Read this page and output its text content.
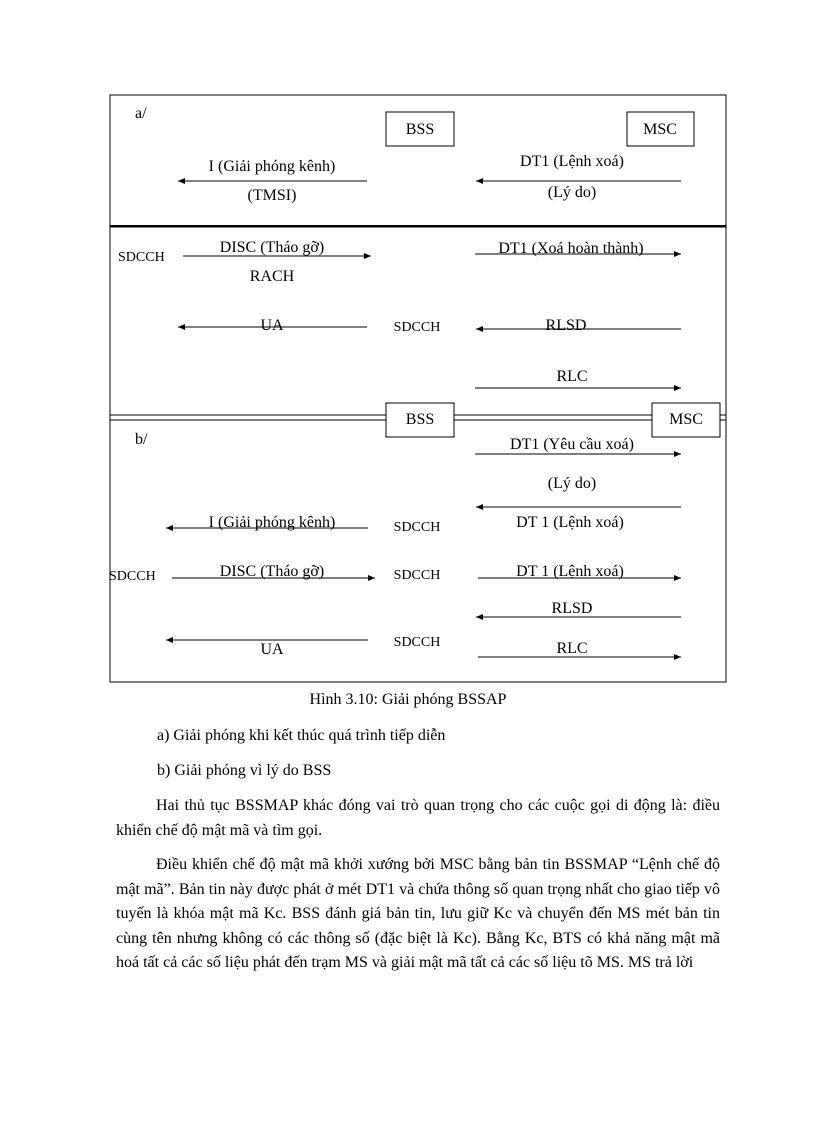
a/
BSS	MSC
I (Giải phóng kênh)
(TMSI)
DT1 (Lệnh xoá)
(Lý do)
SDCCH
DISC (Tháo gỡ)
RACH
DT1 (Xoá hoàn thành)
UA	SDCCH	RLSD
RLC
BSS	MSC
b/	DT1 (Yêu cầu xoá)
(Lý do)
I (Giải phóng kênh)	SDCCH	DT 1 (Lệnh xoá)
SDCCH	DISC (Tháo gỡ)	SDCCH	DT 1 (Lệnh xoá)
RLSD
SDCCH
UA	RLC
Hình 3.10: Giải phóng BSSAP
a) Giải phóng khi kết thúc quá trình tiếp diễn
b) Giải phóng vì lý do BSS

Hai thủ tục BSSMAP khác đóng vai trò quan trọng cho các cuộc gọi di động là: điều khiển chế độ mật mã và tìm gọi.

Điều khiển chế độ mật mã khởi xướng bởi MSC bằng bản tin BSSMAP “Lệnh chế độ mật mã”. Bản tin này được phát ở mét DT1 và chứa thông số quan trọng nhất cho giao tiếp vô tuyến là khóa mật mã Kc. BSS đánh giá bản tin, lưu giữ Kc và chuyển đến MS mét bản tin cùng tên nhưng không có các thông số (đặc biệt là Kc). Bằng Kc, BTS có khả năng mật mã hoá tất cả các số liệu phát đến trạm MS và giải mật mã tất cả các số liệu tõ MS. MS trả lời
